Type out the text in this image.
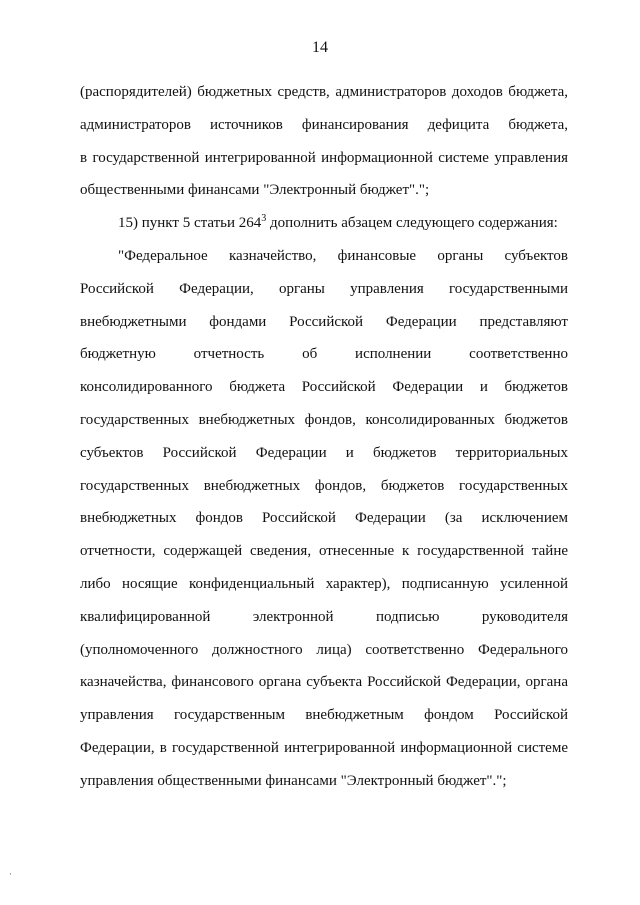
14

(распорядителей) бюджетных средств, администраторов доходов бюджета,
администраторов источников финансирования дефицита бюджета,
в государственной интегрированной информационной системе управления
общественными финансами "Электронный бюджет".";

15) пункт 5 статьи $264^3$ дополнить абзацем следующего содержания:

"Федеральное казначейство, финансовые органы субъектов
Российской Федерации, органы управления государственными
внебюджетными фондами Российской Федерации представляют
бюджетную отчетность об исполнении соответственно
консолидированного бюджета Российской Федерации и бюджетов
государственных внебюджетных фондов, консолидированных бюджетов
субъектов Российской Федерации и бюджетов территориальных
государственных внебюджетных фондов, бюджетов государственных
внебюджетных фондов Российской Федерации (за исключением
отчетности, содержащей сведения, отнесенные к государственной тайне
либо носящие конфиденциальный характер), подписанную усиленной
квалифицированной электронной подписью руководителя
(уполномоченного должностного лица) соответственно Федерального
казначейства, финансового органа субъекта Российской Федерации, органа
управления государственным внебюджетным фондом Российской
Федерации, в государственной интегрированной информационной системе
управления общественными финансами "Электронный бюджет".";

·
